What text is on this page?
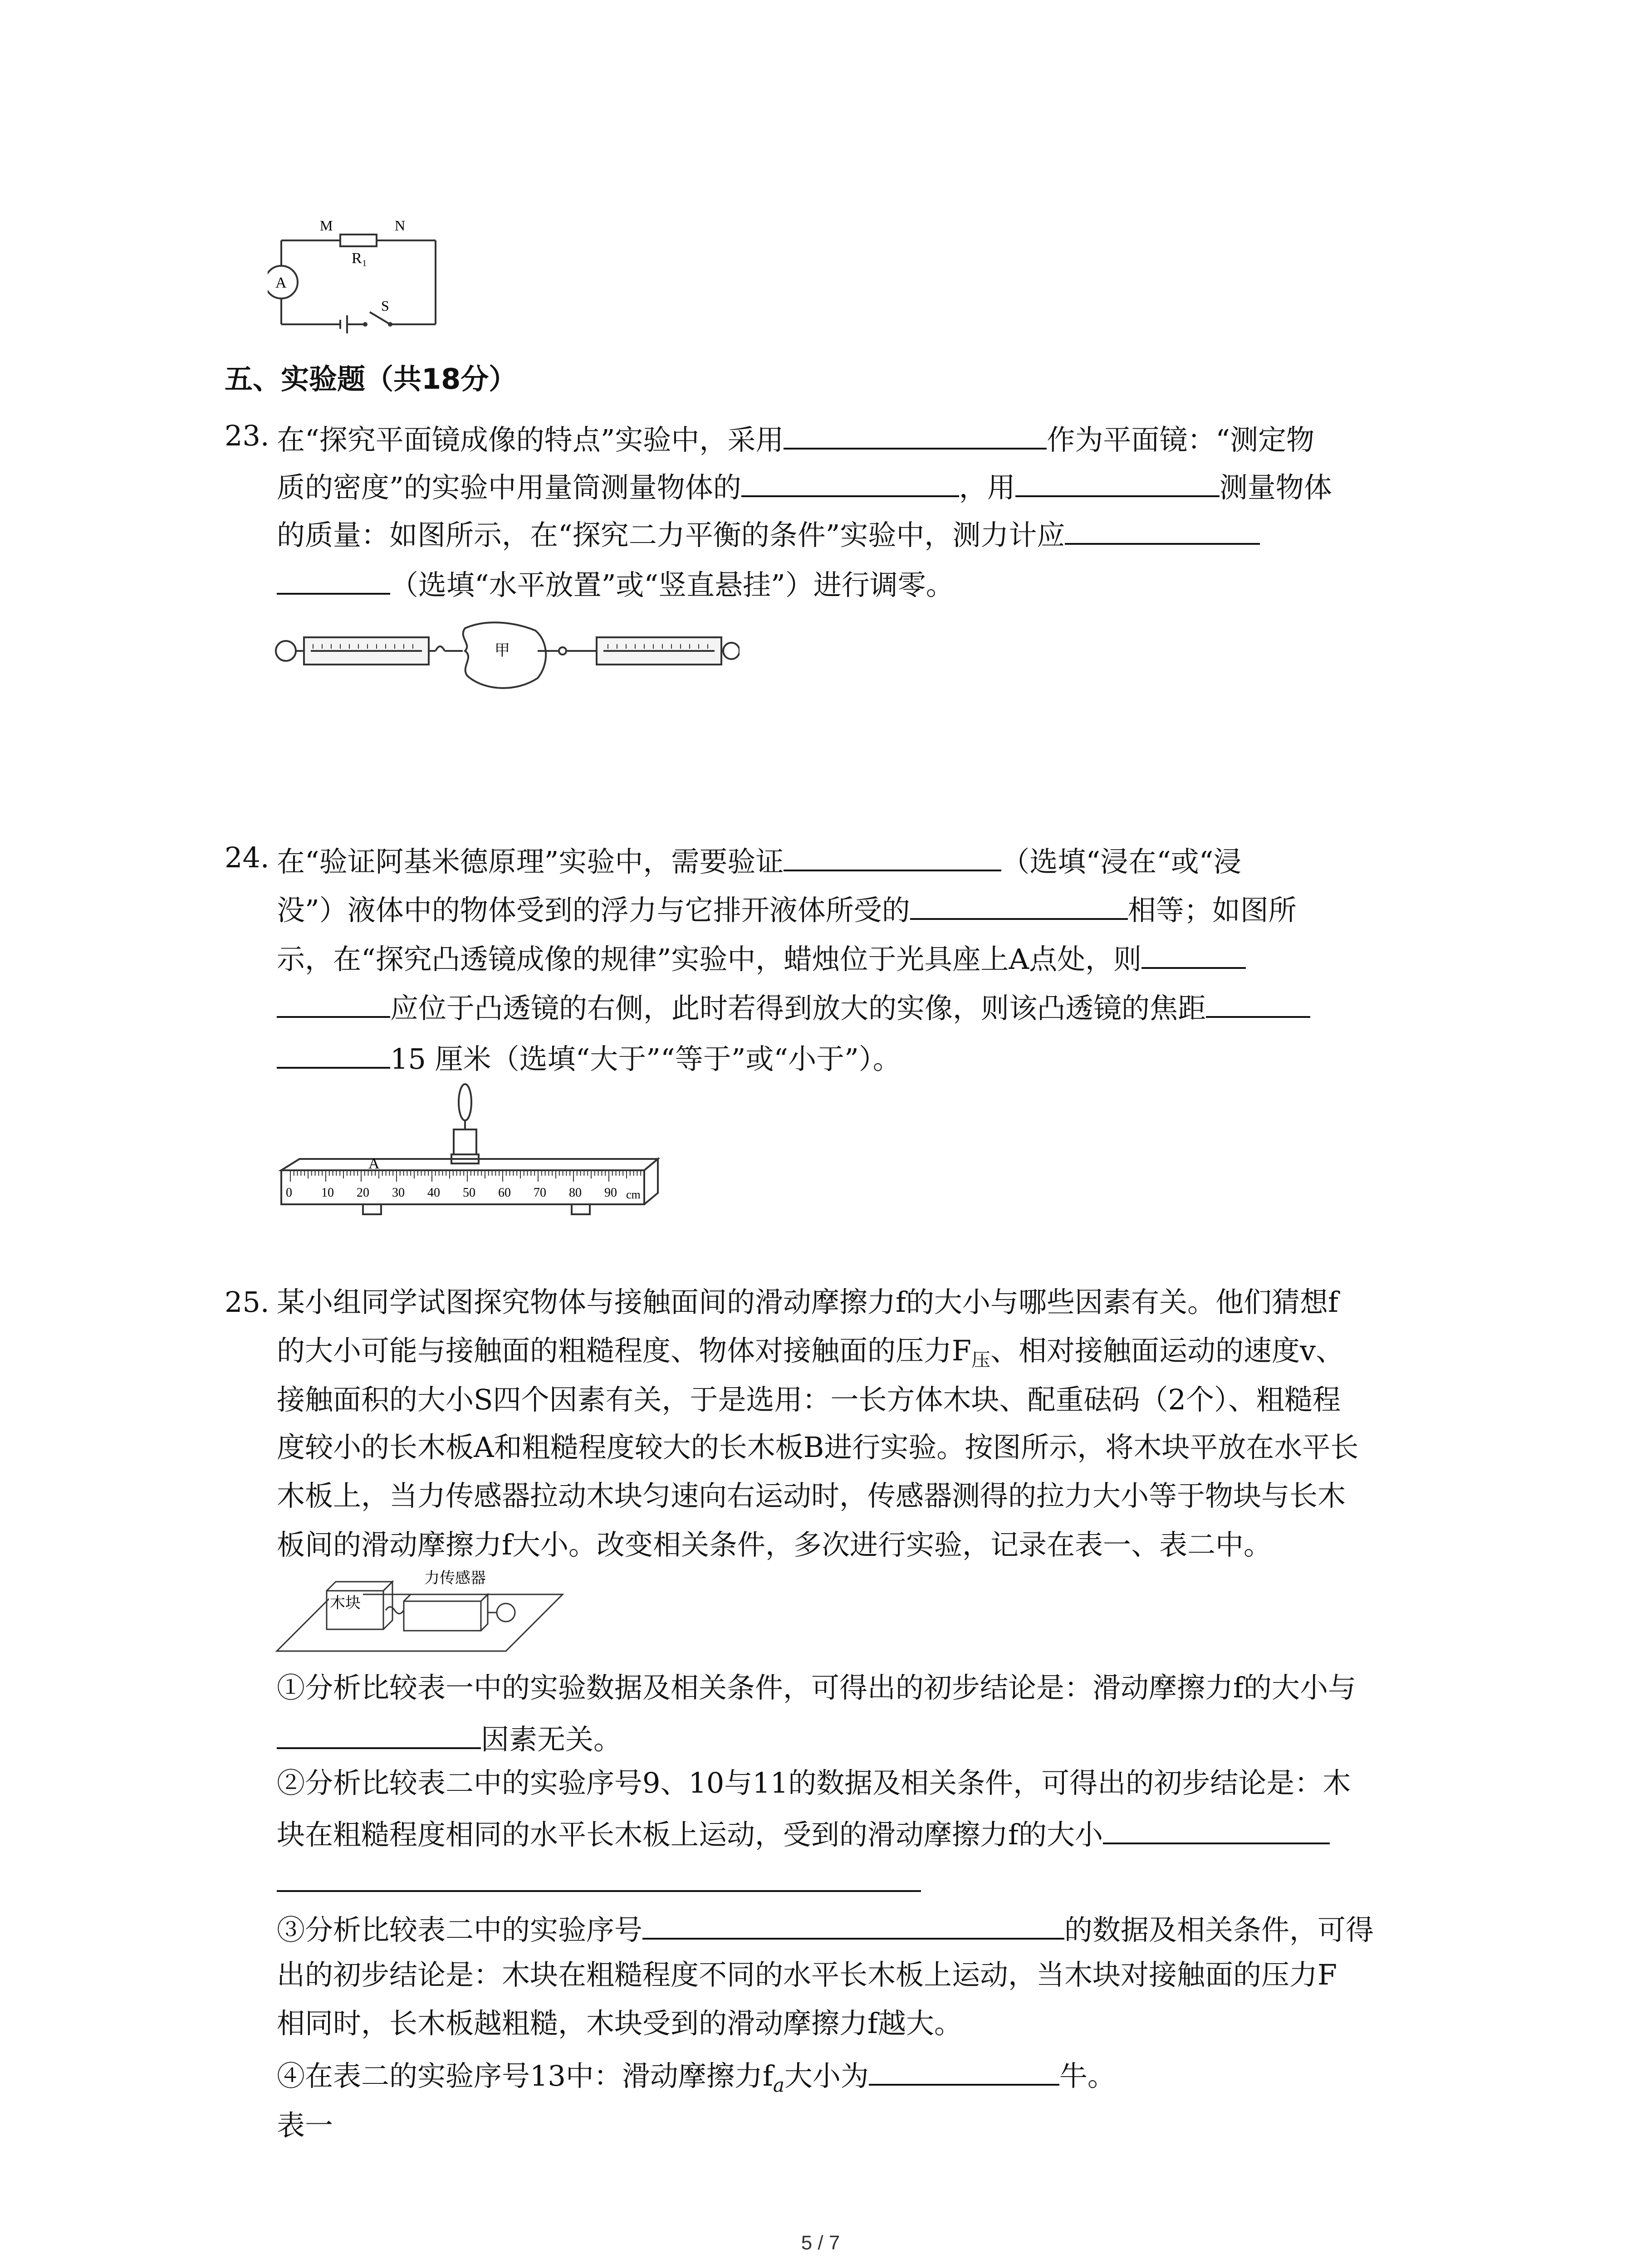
M	N
R₁
A
S
五、实验题（共18分）
23. 在“探究平面镜成像的特点”实验中，采用	作为平面镜：“测定物
质的密度”的实验中用量筒测量物体的	，用	测量物体
的质量：如图所示，在“探究二力平衡的条件”实验中，测力计应
（选填“水平放置”或“竖直悬挂”）进行调零。
甲
24. 在“验证阿基米德原理”实验中，需要验证	（选填“浸在“或“浸
没”）液体中的物体受到的浮力与它排开液体所受的	相等；如图所
示，在“探究凸透镜成像的规律”实验中，蜡烛位于光具座上A点处，则
应位于凸透镜的右侧，此时若得到放大的实像，则该凸透镜的焦距
15 厘米（选填“大于”“等于”或“小于”）。
A
0 10 20 30 40 50 60 70 80 90 cm
25. 某小组同学试图探究物体与接触面间的滑动摩擦力f的大小与哪些因素有关。他们猜想f
的大小可能与接触面的粗糙程度、物体对接触面的压力$F_压$、相对接触面运动的速度v、
接触面积的大小S四个因素有关，于是选用：一长方体木块、配重砝码（2个）、粗糙程
度较小的长木板A和粗糙程度较大的长木板B进行实验。按图所示，将木块平放在水平长
木板上，当力传感器拉动木块匀速向右运动时，传感器测得的拉力大小等于物块与长木
板间的滑动摩擦力f大小。改变相关条件，多次进行实验，记录在表一、表二中。
力传感器
木块
①分析比较表一中的实验数据及相关条件，可得出的初步结论是：滑动摩擦力f的大小与
因素无关。
②分析比较表二中的实验序号9、10与11的数据及相关条件，可得出的初步结论是：木
块在粗糙程度相同的水平长木板上运动，受到的滑动摩擦力f的大小
③分析比较表二中的实验序号	的数据及相关条件，可得
出的初步结论是：木块在粗糙程度不同的水平长木板上运动，当木块对接触面的压力F
相同时，长木板越粗糙，木块受到的滑动摩擦力f越大。
④在表二的实验序号13中：滑动摩擦力$f_a$大小为	牛。
表一
5 / 7
